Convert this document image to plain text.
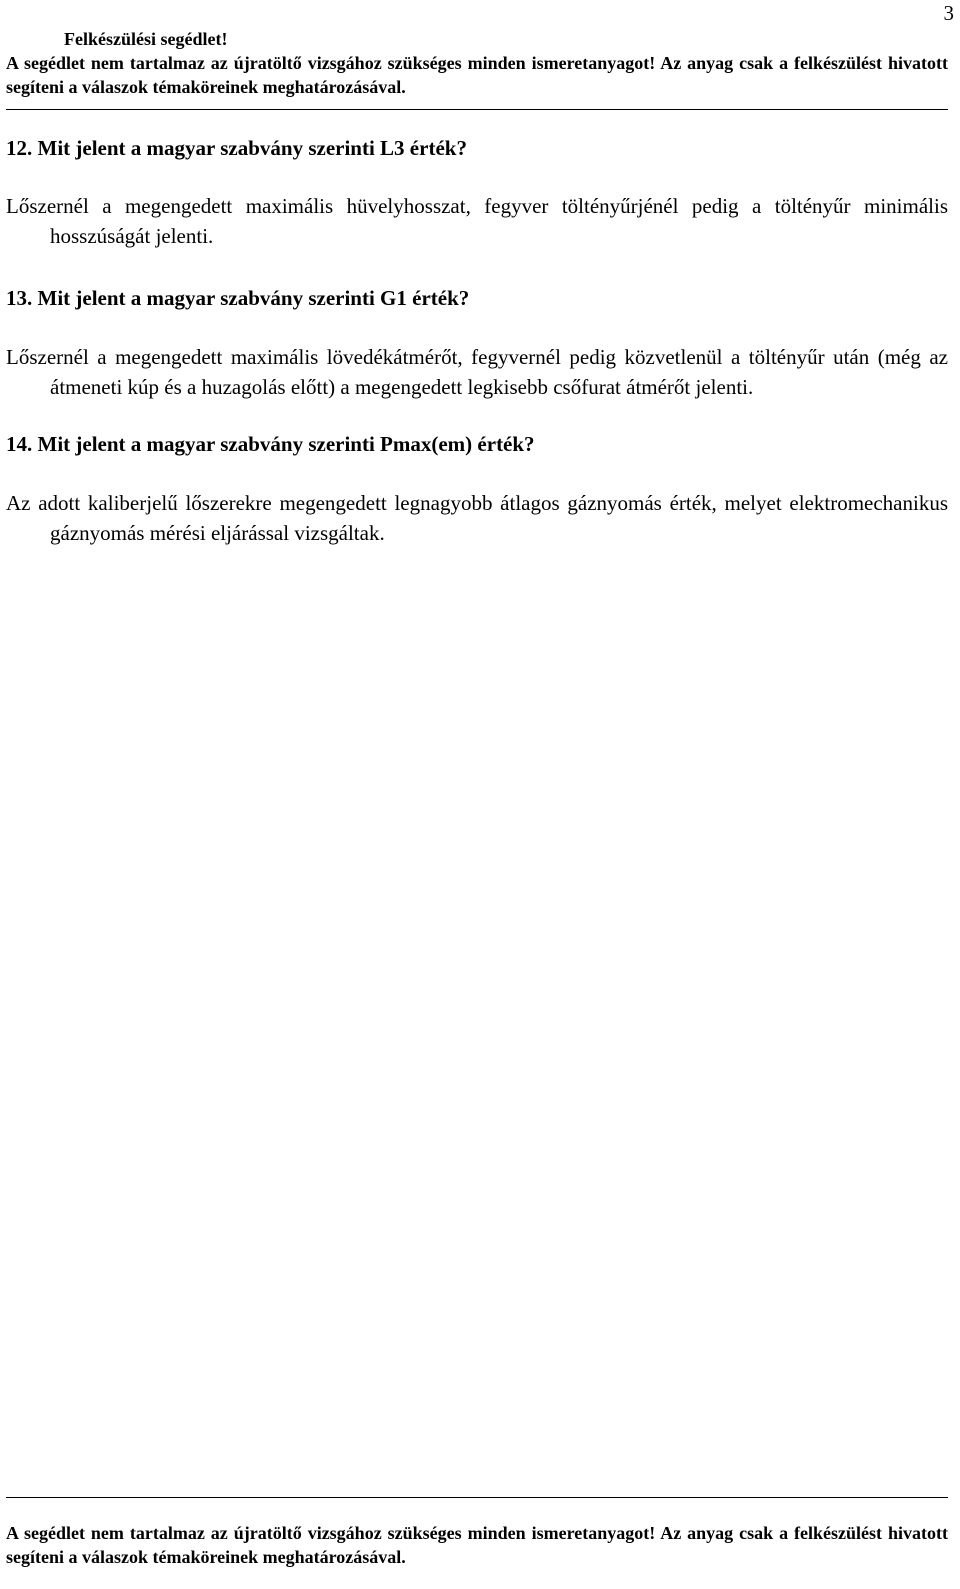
3
Felkészülési segédlet!
A segédlet nem tartalmaz az újratöltő vizsgához szükséges minden ismeretanyagot! Az anyag csak a felkészülést hivatott segíteni a válaszok témaköreinek meghatározásával.

12. Mit jelent a magyar szabvány szerinti L3 érték?

Lőszernél a megengedett maximális hüvelyhosszat, fegyver töltényűrjénél pedig a töltényűr minimális hosszúságát jelenti.

13. Mit jelent a magyar szabvány szerinti G1 érték?

Lőszernél a megengedett maximális lövedékátmérőt, fegyvernél pedig közvetlenül a töltényűr után (még az átmeneti kúp és a huzagolás előtt) a megengedett legkisebb csőfurat átmérőt jelenti.

14. Mit jelent a magyar szabvány szerinti Pmax(em) érték?

Az adott kaliberjelű lőszerekre megengedett legnagyobb átlagos gáznyomás érték, melyet elektromechanikus gáznyomás mérési eljárással vizsgáltak.

A segédlet nem tartalmaz az újratöltő vizsgához szükséges minden ismeretanyagot! Az anyag csak a felkészülést hivatott segíteni a válaszok témaköreinek meghatározásával.
